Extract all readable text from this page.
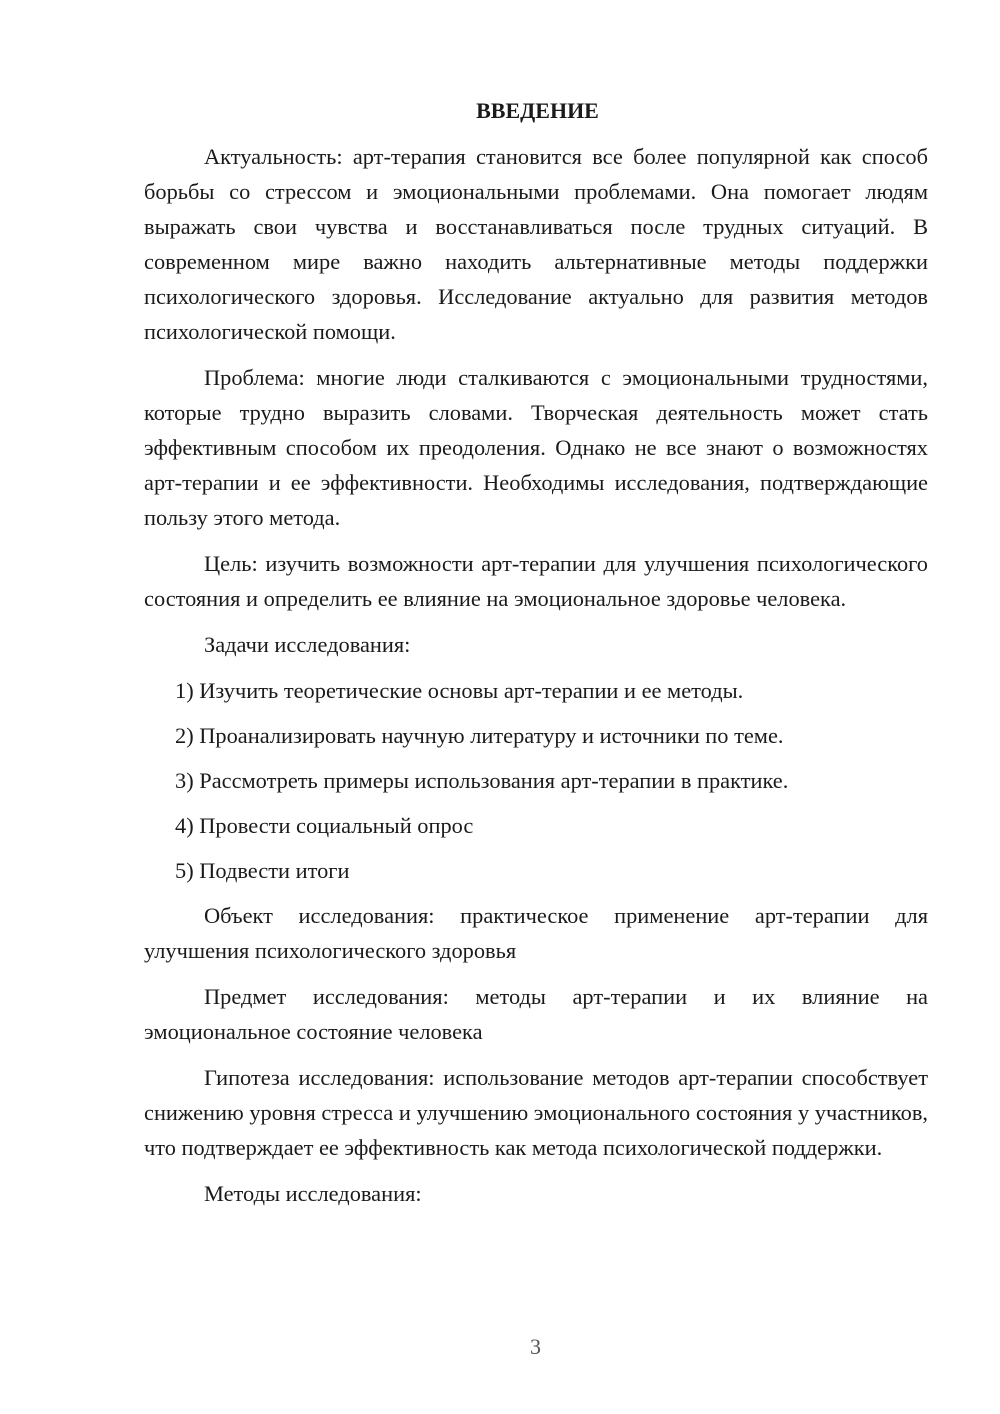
ВВЕДЕНИЕ

Актуальность: арт-терапия становится все более популярной как способ борьбы со стрессом и эмоциональными проблемами. Она помогает людям выражать свои чувства и восстанавливаться после трудных ситуаций. В современном мире важно находить альтернативные методы поддержки психологического здоровья. Исследование актуально для развития методов психологической помощи.

Проблема: многие люди сталкиваются с эмоциональными трудностями, которые трудно выразить словами. Творческая деятельность может стать эффективным способом их преодоления. Однако не все знают о возможностях арт-терапии и ее эффективности. Необходимы исследования, подтверждающие пользу этого метода.

Цель: изучить возможности арт-терапии для улучшения психологического состояния и определить ее влияние на эмоциональное здоровье человека.

Задачи исследования:

1) Изучить теоретические основы арт-терапии и ее методы.

2) Проанализировать научную литературу и источники по теме.

3) Рассмотреть примеры использования арт-терапии в практике.

4) Провести социальный опрос

5) Подвести итоги

Объект исследования: практическое применение арт-терапии для улучшения психологического здоровья

Предмет исследования: методы арт-терапии и их влияние на эмоциональное состояние человека

Гипотеза исследования: использование методов арт-терапии способствует снижению уровня стресса и улучшению эмоционального состояния у участников, что подтверждает ее эффективность как метода психологической поддержки.

Методы исследования:

3
